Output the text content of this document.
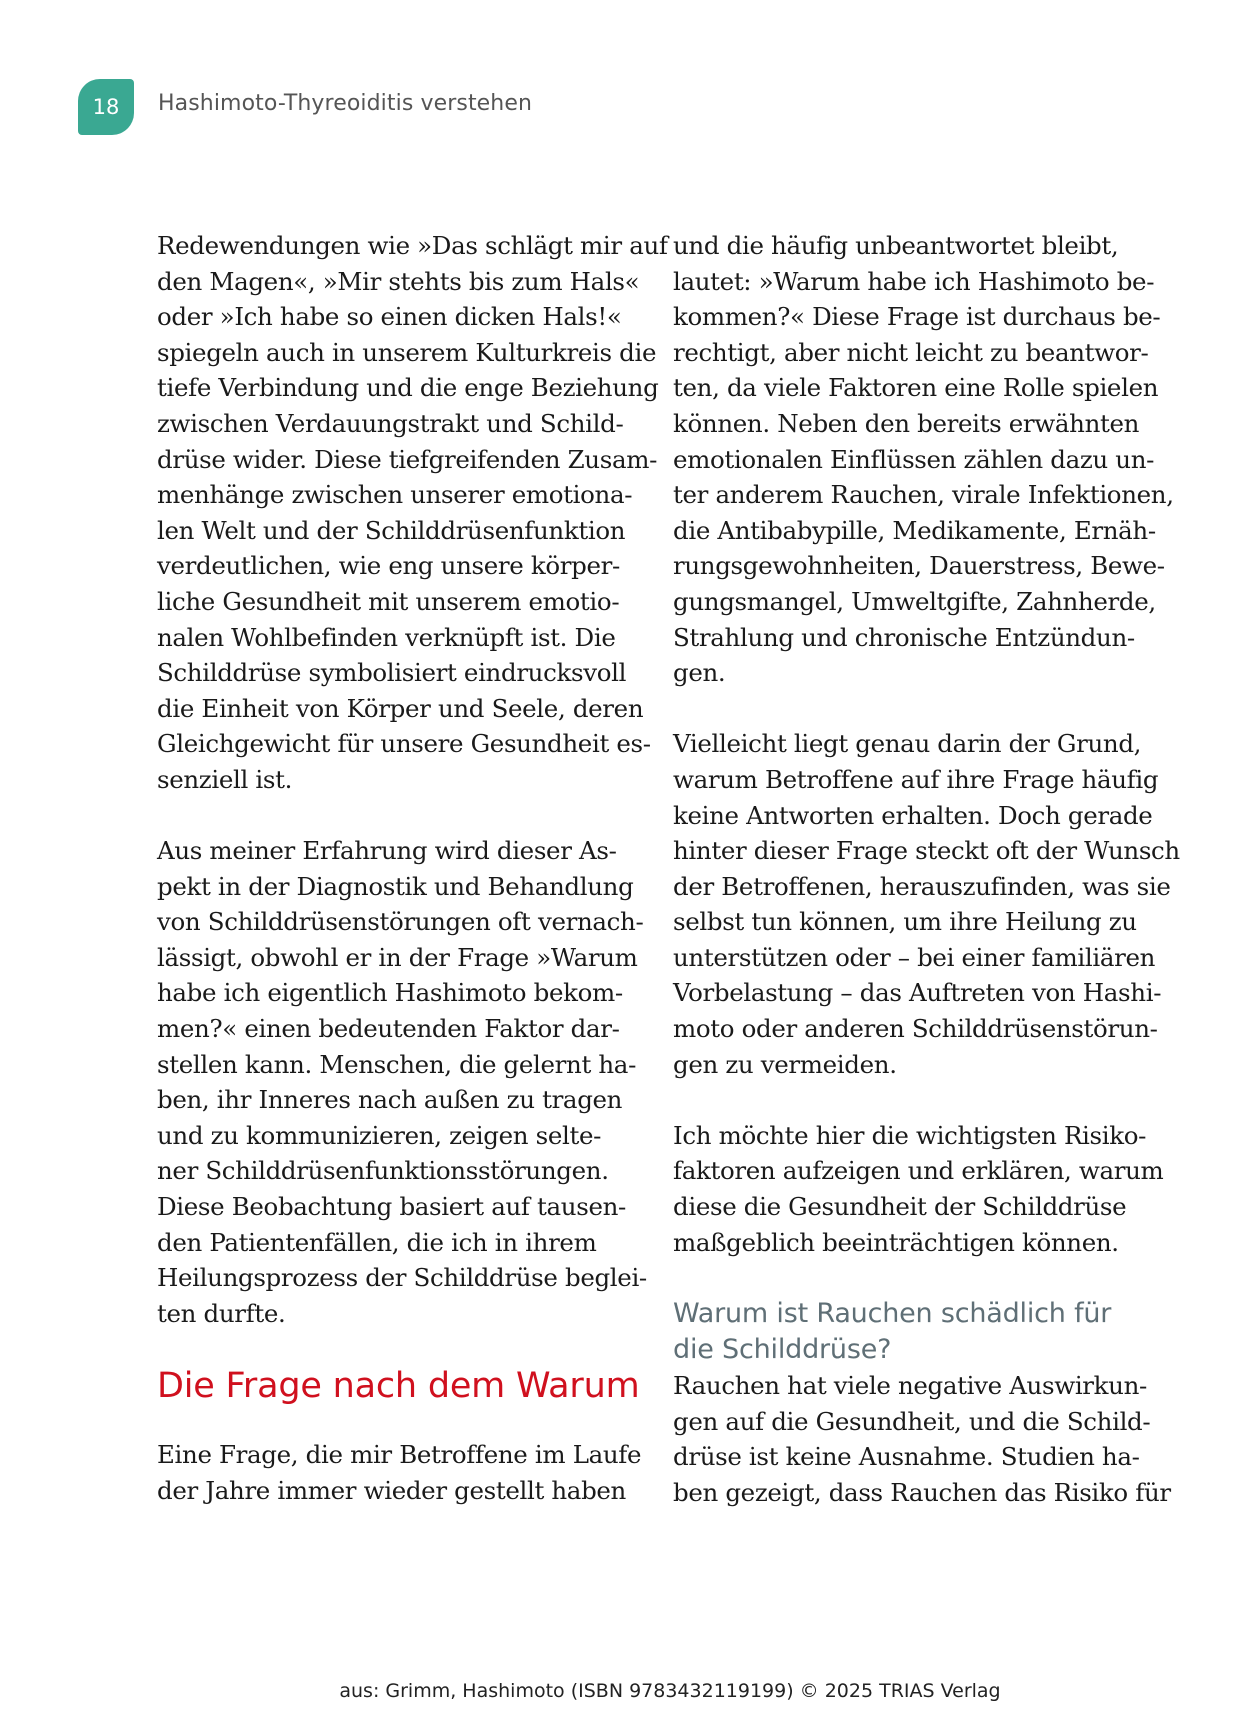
18 Hashimoto-Thyreoiditis verstehen
Redewendungen wie »Das schlägt mir auf
den Magen«, »Mir stehts bis zum Hals«
oder »Ich habe so einen dicken Hals!«
spiegeln auch in unserem Kulturkreis die
tiefe Verbindung und die enge Beziehung
zwischen Verdauungstrakt und Schild-
drüse wider. Diese tiefgreifenden Zusam-
menhänge zwischen unserer emotiona-
len Welt und der Schilddrüsenfunktion
verdeutlichen, wie eng unsere körper-
liche Gesundheit mit unserem emotio-
nalen Wohlbefinden verknüpft ist. Die
Schilddrüse symbolisiert eindrucksvoll
die Einheit von Körper und Seele, deren
Gleichgewicht für unsere Gesundheit es-
senziell ist.
Aus meiner Erfahrung wird dieser As-
pekt in der Diagnostik und Behandlung
von Schilddrüsenstörungen oft vernach-
lässigt, obwohl er in der Frage »Warum
habe ich eigentlich Hashimoto bekom-
men?« einen bedeutenden Faktor dar-
stellen kann. Menschen, die gelernt ha-
ben, ihr Inneres nach außen zu tragen
und zu kommunizieren, zeigen selte-
ner Schilddrüsenfunktionsstörungen.
Diese Beobachtung basiert auf tausen-
den Patientenfällen, die ich in ihrem
Heilungsprozess der Schilddrüse beglei-
ten durfte.
Die Frage nach dem Warum
Eine Frage, die mir Betroffene im Laufe
der Jahre immer wieder gestellt haben
und die häufig unbeantwortet bleibt,
lautet: »Warum habe ich Hashimoto be-
kommen?« Diese Frage ist durchaus be-
rechtigt, aber nicht leicht zu beantwor-
ten, da viele Faktoren eine Rolle spielen
können. Neben den bereits erwähnten
emotionalen Einflüssen zählen dazu un-
ter anderem Rauchen, virale Infektionen,
die Antibabypille, Medikamente, Ernäh-
rungsgewohnheiten, Dauerstress, Bewe-
gungsmangel, Umweltgifte, Zahnherde,
Strahlung und chronische Entzündun-
gen.
Vielleicht liegt genau darin der Grund,
warum Betroffene auf ihre Frage häufig
keine Antworten erhalten. Doch gerade
hinter dieser Frage steckt oft der Wunsch
der Betroffenen, herauszufinden, was sie
selbst tun können, um ihre Heilung zu
unterstützen oder – bei einer familiären
Vorbelastung – das Auftreten von Hashi-
moto oder anderen Schilddrüsenstörun-
gen zu vermeiden.
Ich möchte hier die wichtigsten Risiko-
faktoren aufzeigen und erklären, warum
diese die Gesundheit der Schilddrüse
maßgeblich beeinträchtigen können.
Warum ist Rauchen schädlich für
die Schilddrüse?
Rauchen hat viele negative Auswirkun-
gen auf die Gesundheit, und die Schild-
drüse ist keine Ausnahme. Studien ha-
ben gezeigt, dass Rauchen das Risiko für
aus: Grimm, Hashimoto (ISBN 9783432119199) © 2025 TRIAS Verlag
